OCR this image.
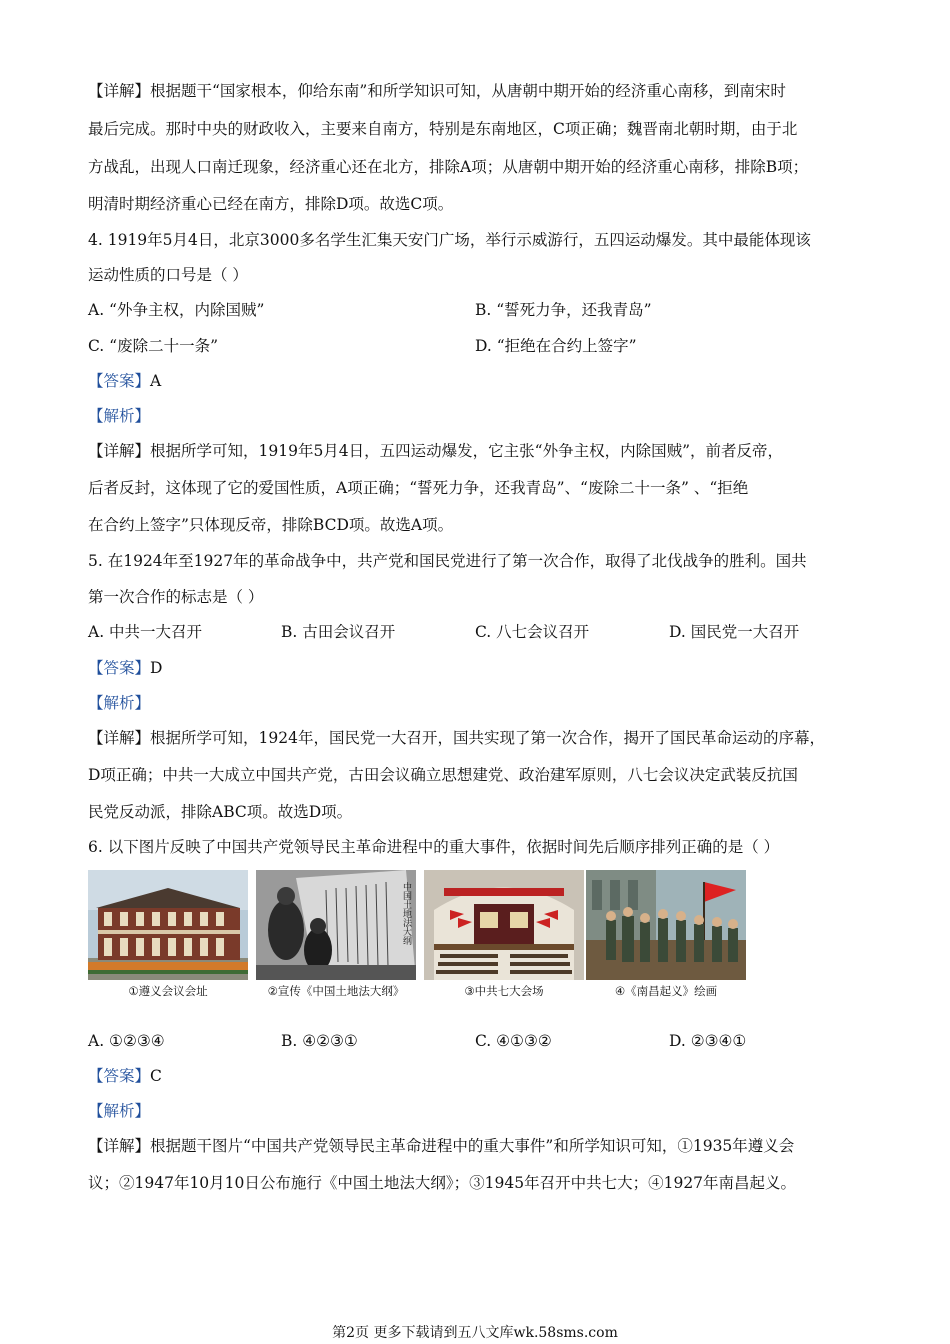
【详解】根据题干“国家根本，仰给东南”和所学知识可知，从唐朝中期开始的经济重心南移，到南宋时
最后完成。那时中央的财政收入，主要来自南方，特别是东南地区，C项正确；魏晋南北朝时期，由于北
方战乱，出现人口南迁现象，经济重心还在北方，排除A项；从唐朝中期开始的经济重心南移，排除B项；
明清时期经济重心已经在南方，排除D项。故选C项。
4. 1919年5月4日，北京3000多名学生汇集天安门广场，举行示威游行，五四运动爆发。其中最能体现该
运动性质的口号是（ ）
A. “外争主权，内除国贼”	B. “誓死力争，还我青岛”
C. “废除二十一条”	D. “拒绝在合约上签字”
【答案】A
【解析】
【详解】根据所学可知，1919年5月4日，五四运动爆发，它主张“外争主权，内除国贼”，前者反帝，
后者反封，这体现了它的爱国性质，A项正确；“誓死力争，还我青岛”、“废除二十一条” 、“拒绝
在合约上签字”只体现反帝，排除BCD项。故选A项。
5. 在1924年至1927年的革命战争中，共产党和国民党进行了第一次合作，取得了北伐战争的胜利。国共
第一次合作的标志是（ ）
A. 中共一大召开	B. 古田会议召开	C. 八七会议召开	D. 国民党一大召开
【答案】D
【解析】
【详解】根据所学可知，1924年，国民党一大召开，国共实现了第一次合作，揭开了国民革命运动的序幕，
D项正确；中共一大成立中国共产党，古田会议确立思想建党、政治建军原则，八七会议决定武装反抗国
民党反动派，排除ABC项。故选D项。
6. 以下图片反映了中国共产党领导民主革命进程中的重大事件，依据时间先后顺序排列正确的是（ ）
①遵义会议会址
中国土地法大纲
②宣传《中国土地法大纲》	③中共七大会场	④《南昌起义》绘画
A. ①②③④	B. ④②③①	C. ④①③②	D. ②③④①
【答案】C
【解析】
【详解】根据题干图片“中国共产党领导民主革命进程中的重大事件”和所学知识可知，①1935年遵义会
议；②1947年10月10日公布施行《中国土地法大纲》；③1945年召开中共七大；④1927年南昌起义。
第2页 更多下载请到五八文库wk.58sms.com
